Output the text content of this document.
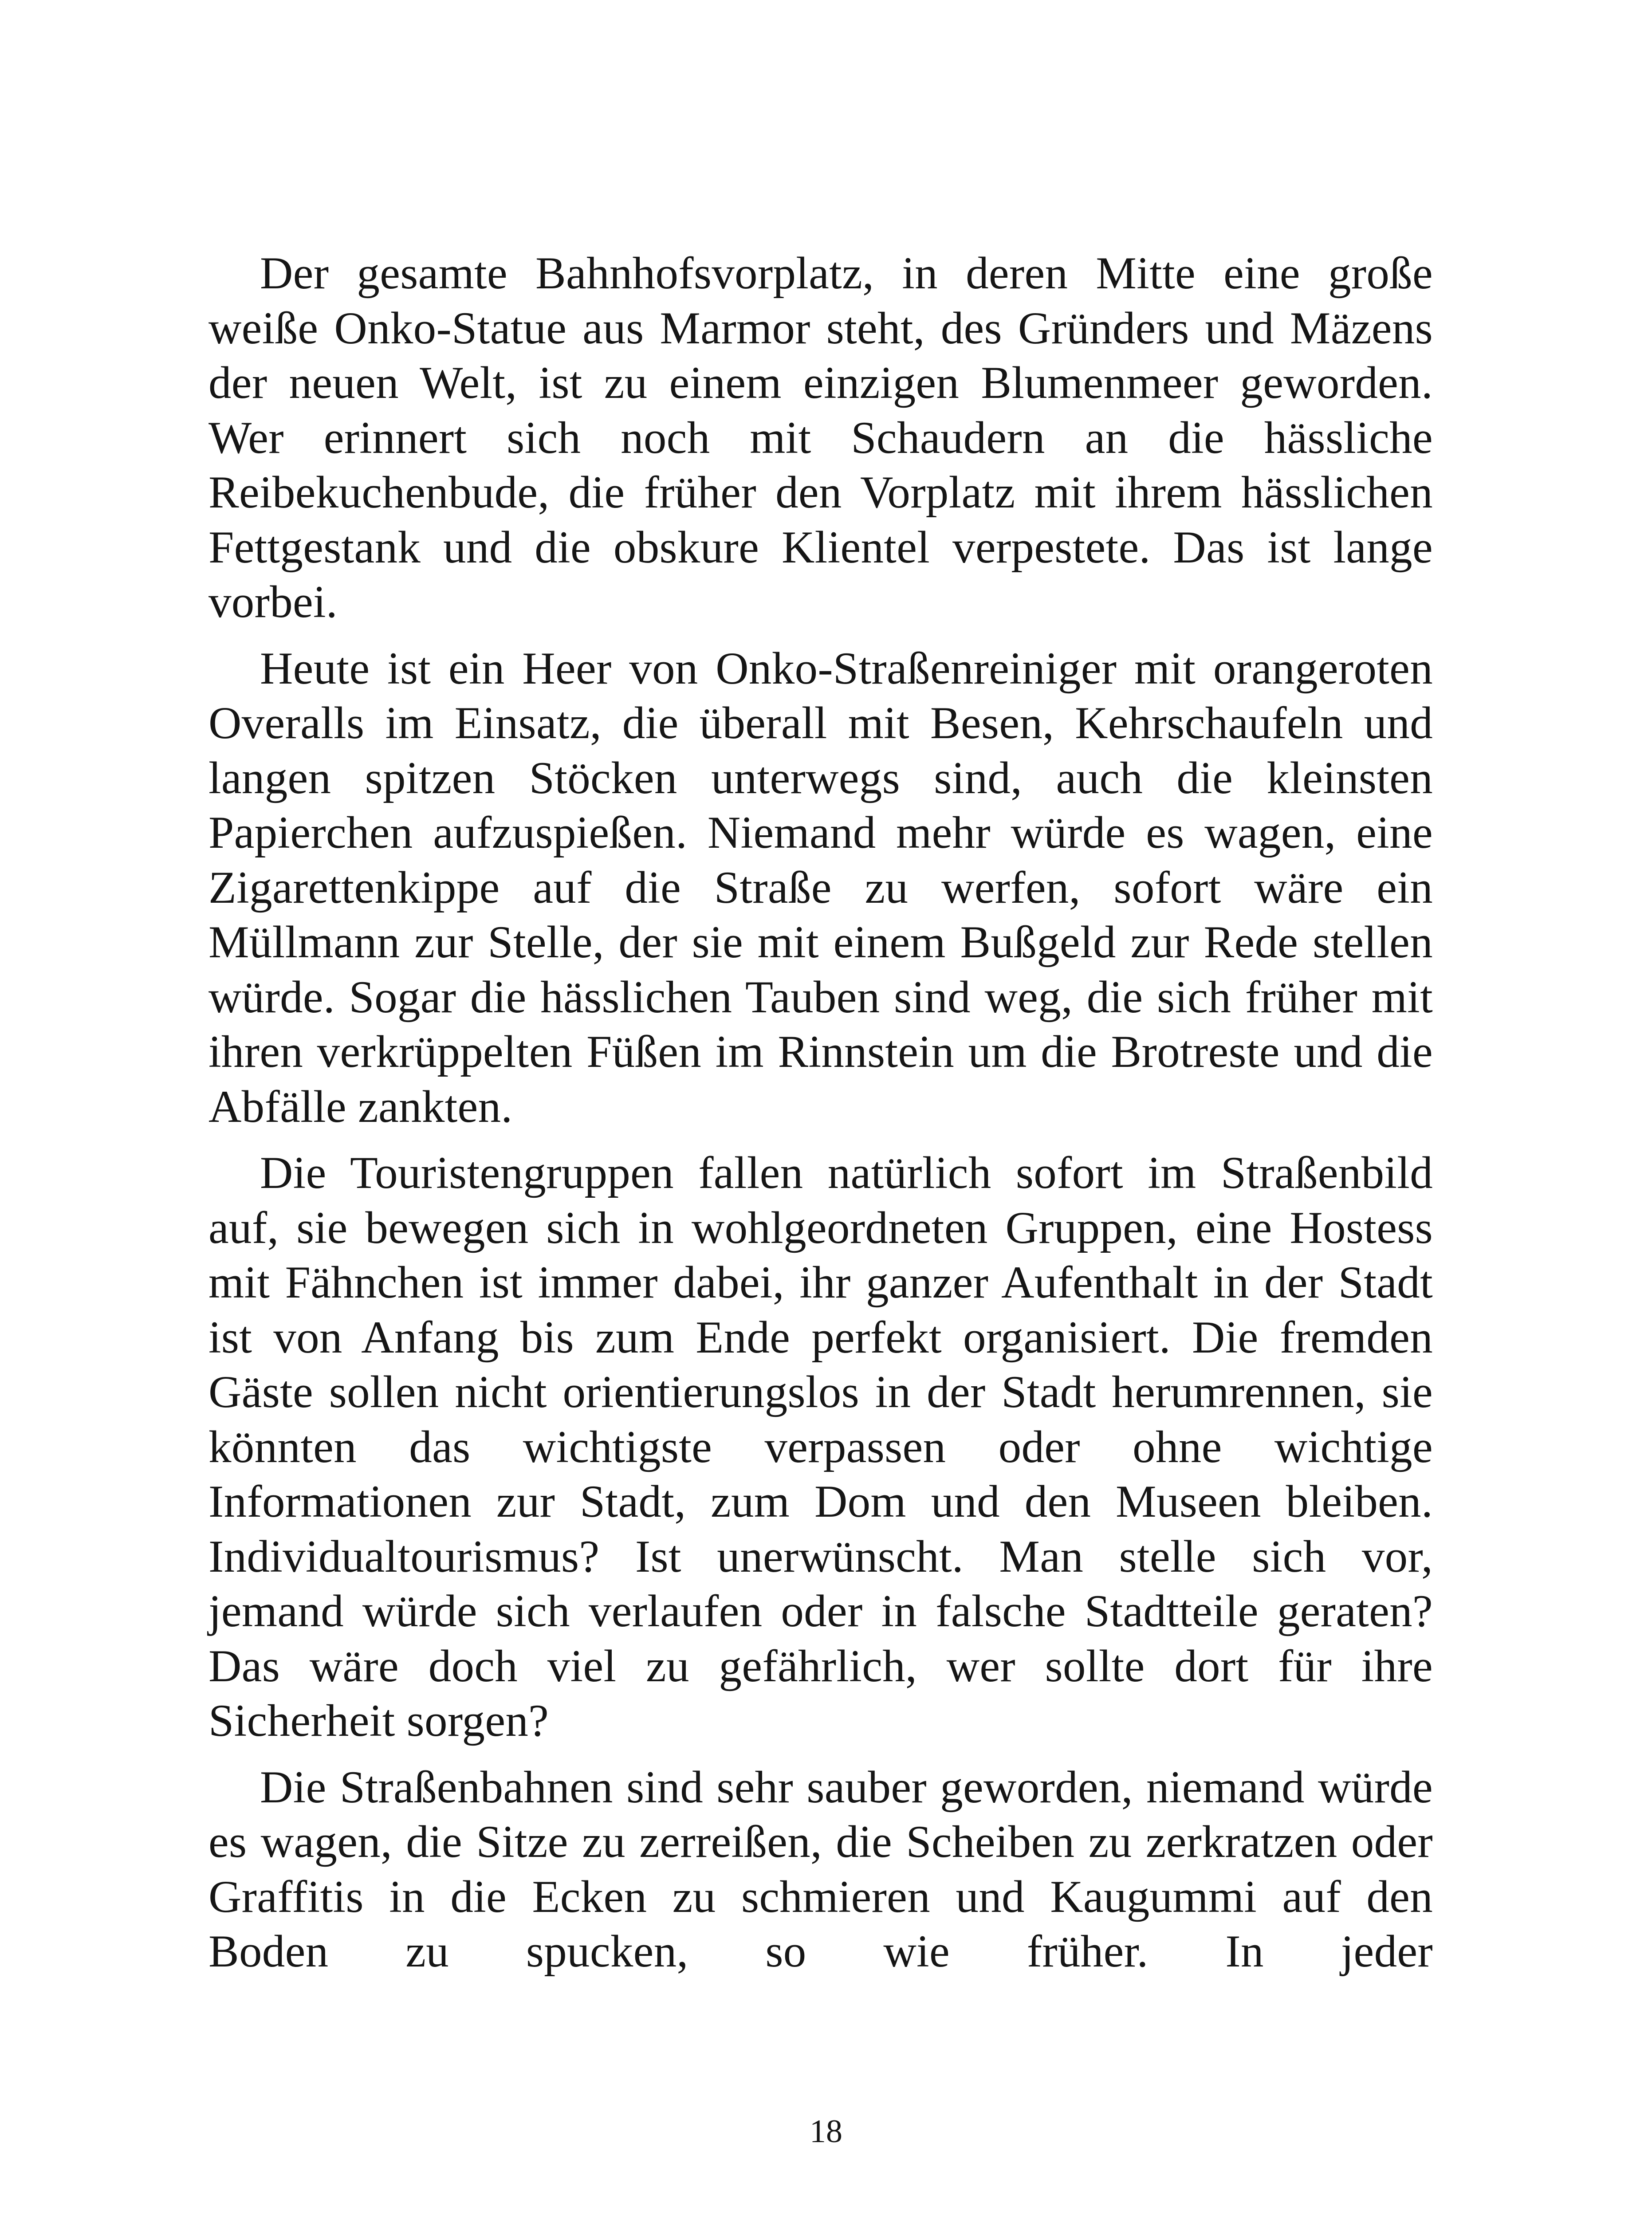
Der gesamte Bahnhofsvorplatz, in deren Mitte eine große weiße Onko-Statue aus Marmor steht, des Gründers und Mäzens der neuen Welt, ist zu einem einzigen Blumenmeer geworden. Wer erinnert sich noch mit Schaudern an die hässliche Reibekuchenbude, die früher den Vorplatz mit ihrem hässlichen Fettgestank und die obskure Klientel verpestete. Das ist lange vorbei.

Heute ist ein Heer von Onko-Straßenreiniger mit orangeroten Overalls im Einsatz, die überall mit Besen, Kehrschaufeln und langen spitzen Stöcken unterwegs sind, auch die kleinsten Papierchen aufzuspießen. Niemand mehr würde es wagen, eine Zigarettenkippe auf die Straße zu werfen, sofort wäre ein Müllmann zur Stelle, der sie mit einem Bußgeld zur Rede stellen würde. Sogar die hässlichen Tauben sind weg, die sich früher mit ihren verkrüppelten Füßen im Rinnstein um die Brotreste und die Abfälle zankten.

Die Touristengruppen fallen natürlich sofort im Straßenbild auf, sie bewegen sich in wohlgeordneten Gruppen, eine Hostess mit Fähnchen ist immer dabei, ihr ganzer Aufenthalt in der Stadt ist von Anfang bis zum Ende perfekt organisiert. Die fremden Gäste sollen nicht orientierungslos in der Stadt herumrennen, sie könnten das wichtigste verpassen oder ohne wichtige Informationen zur Stadt, zum Dom und den Museen bleiben. Individualtourismus? Ist unerwünscht. Man stelle sich vor, jemand würde sich verlaufen oder in falsche Stadtteile geraten? Das wäre doch viel zu gefährlich, wer sollte dort für ihre Sicherheit sorgen?

Die Straßenbahnen sind sehr sauber geworden, niemand würde es wagen, die Sitze zu zerreißen, die Scheiben zu zerkratzen oder Graffitis in die Ecken zu schmieren und Kaugummi auf den Boden zu spucken, so wie früher. In jeder

18
